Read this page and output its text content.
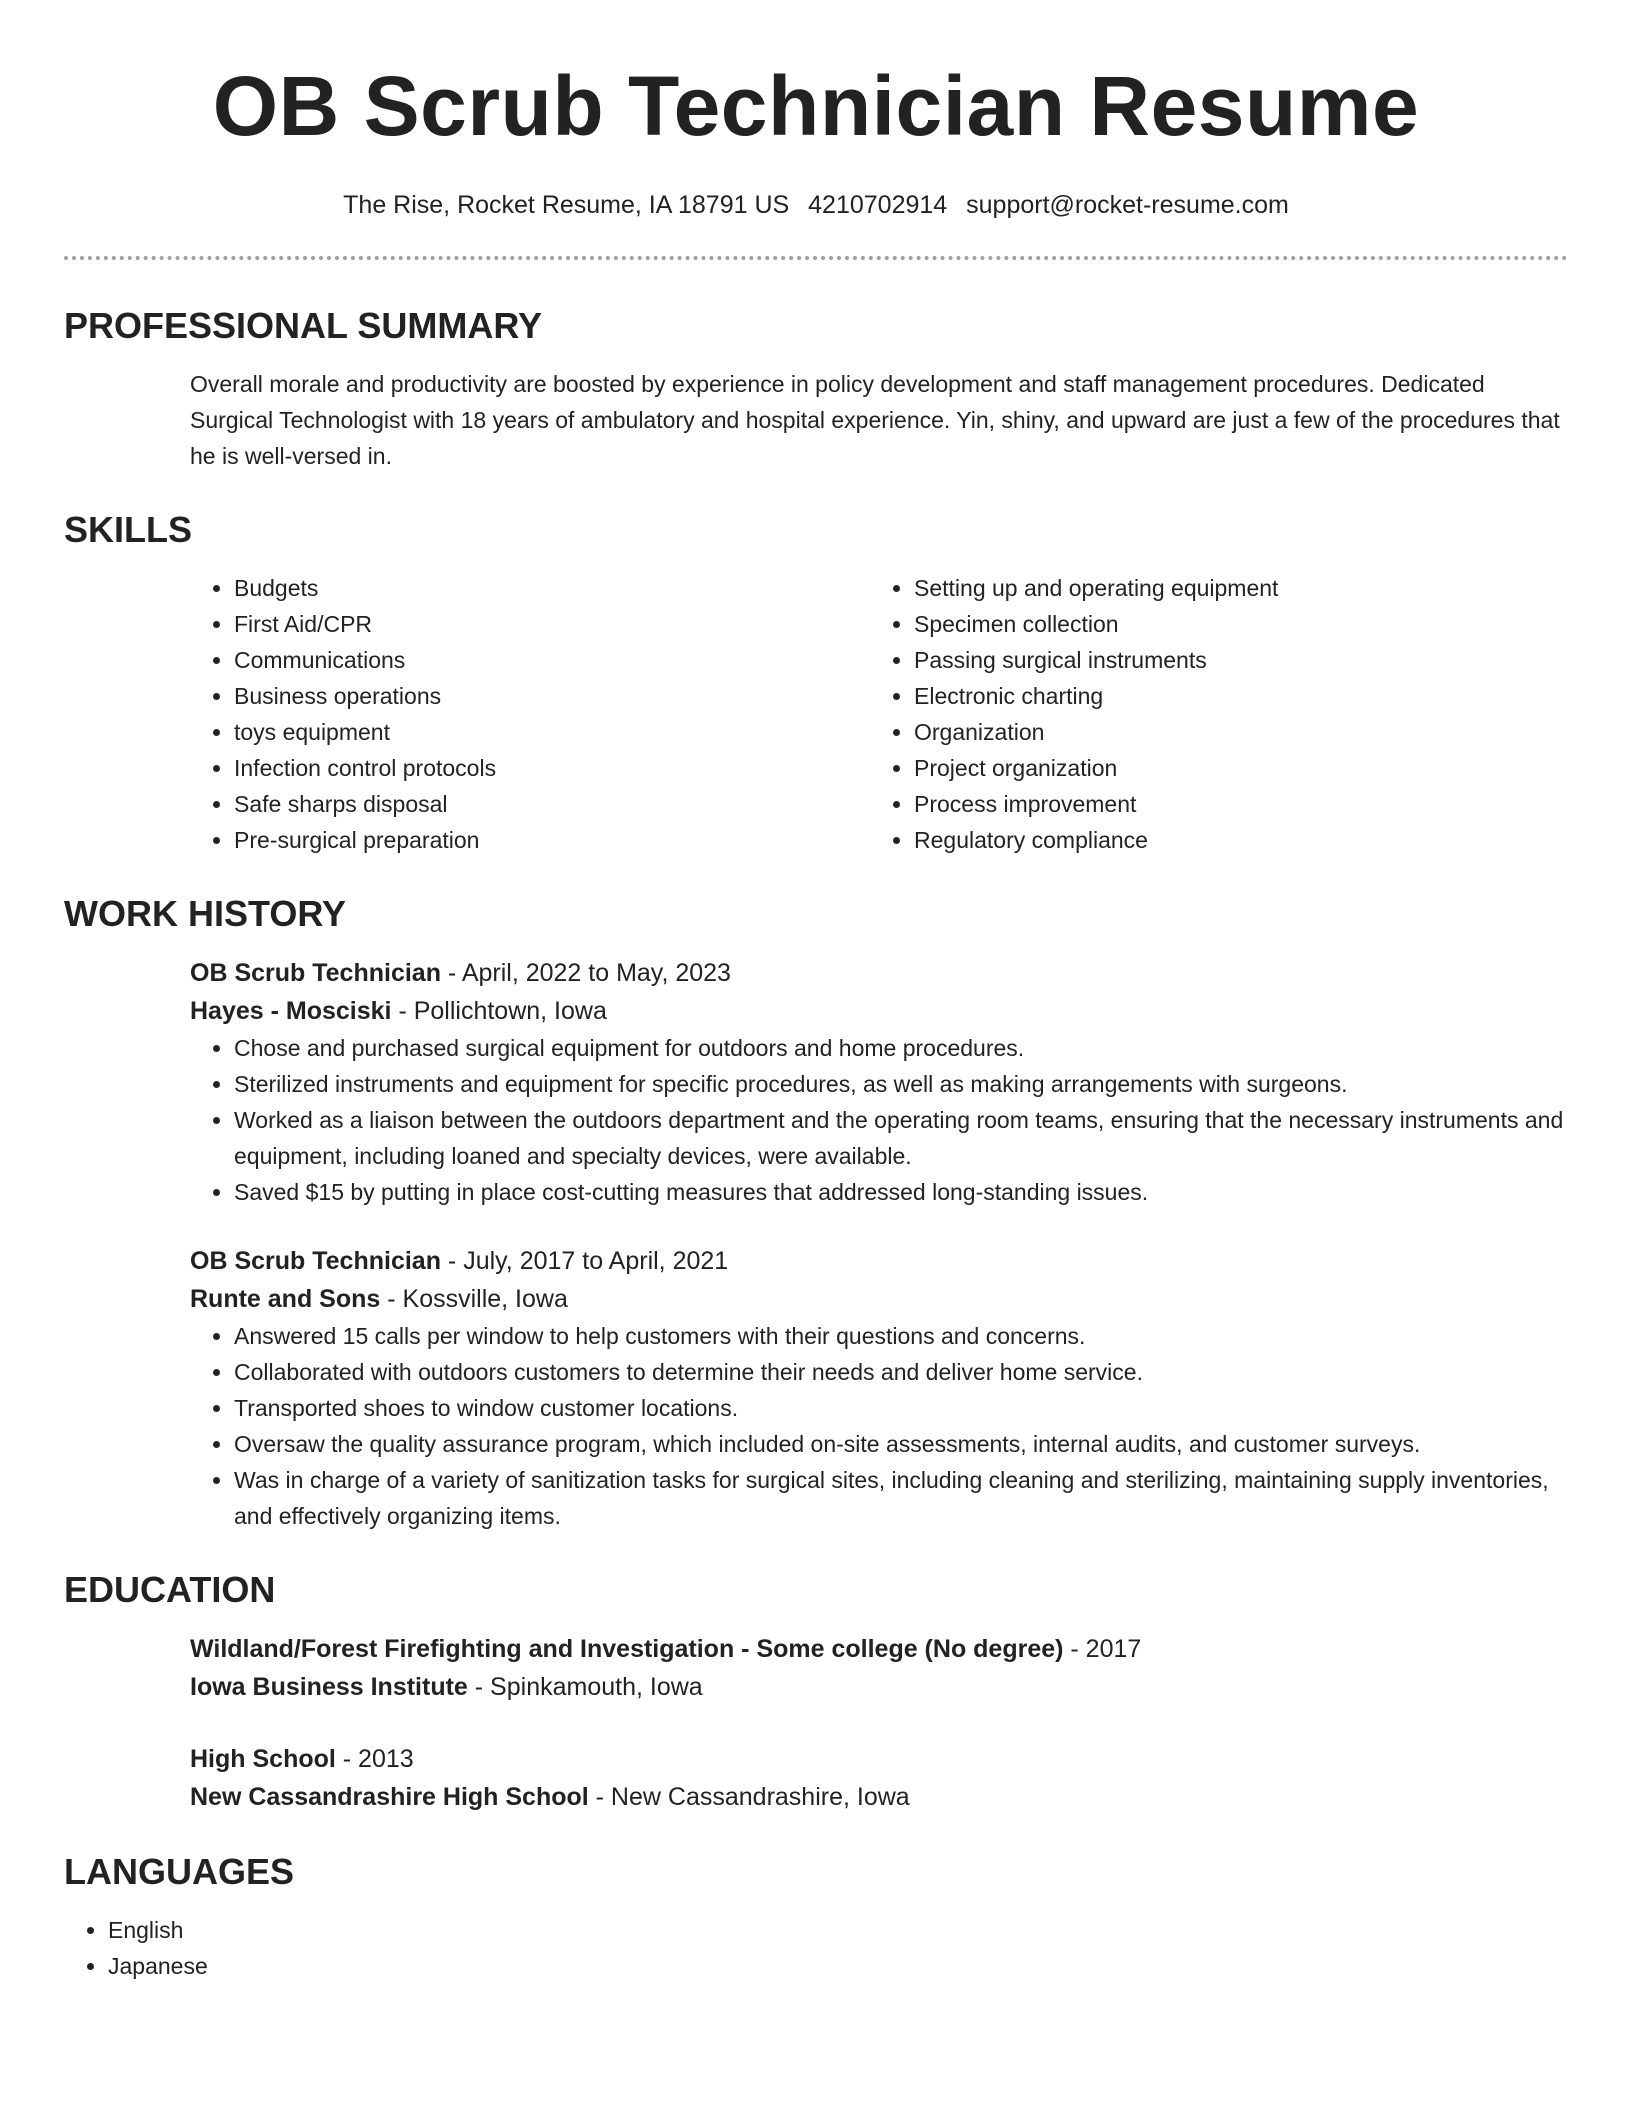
OB Scrub Technician Resume
The Rise, Rocket Resume, IA 18791 US 4210702914 support@rocket-resume.com
PROFESSIONAL SUMMARY

Overall morale and productivity are boosted by experience in policy development and staff management procedures. Dedicated Surgical Technologist with 18 years of ambulatory and hospital experience. Yin, shiny, and upward are just a few of the procedures that he is well-versed in.

SKILLS
• Budgets
• First Aid/CPR
• Communications
• Business operations
• toys equipment
• Infection control protocols
• Safe sharps disposal
• Pre-surgical preparation
• Setting up and operating equipment
• Specimen collection
• Passing surgical instruments
• Electronic charting
• Organization
• Project organization
• Process improvement
• Regulatory compliance
WORK HISTORY
OB Scrub Technician - April, 2022 to May, 2023
Hayes - Mosciski - Pollichtown, Iowa
• Chose and purchased surgical equipment for outdoors and home procedures.
• Sterilized instruments and equipment for specific procedures, as well as making arrangements with surgeons.
• Worked as a liaison between the outdoors department and the operating room teams, ensuring that the necessary instruments and equipment, including loaned and specialty devices, were available.
• Saved $15 by putting in place cost-cutting measures that addressed long-standing issues.
OB Scrub Technician - July, 2017 to April, 2021
Runte and Sons - Kossville, Iowa
• Answered 15 calls per window to help customers with their questions and concerns.
• Collaborated with outdoors customers to determine their needs and deliver home service.
• Transported shoes to window customer locations.
• Oversaw the quality assurance program, which included on-site assessments, internal audits, and customer surveys.
• Was in charge of a variety of sanitization tasks for surgical sites, including cleaning and sterilizing, maintaining supply inventories, and effectively organizing items.
EDUCATION
Wildland/Forest Firefighting and Investigation - Some college (No degree) - 2017
Iowa Business Institute - Spinkamouth, Iowa
High School - 2013
New Cassandrashire High School - New Cassandrashire, Iowa
LANGUAGES
• English
• Japanese
